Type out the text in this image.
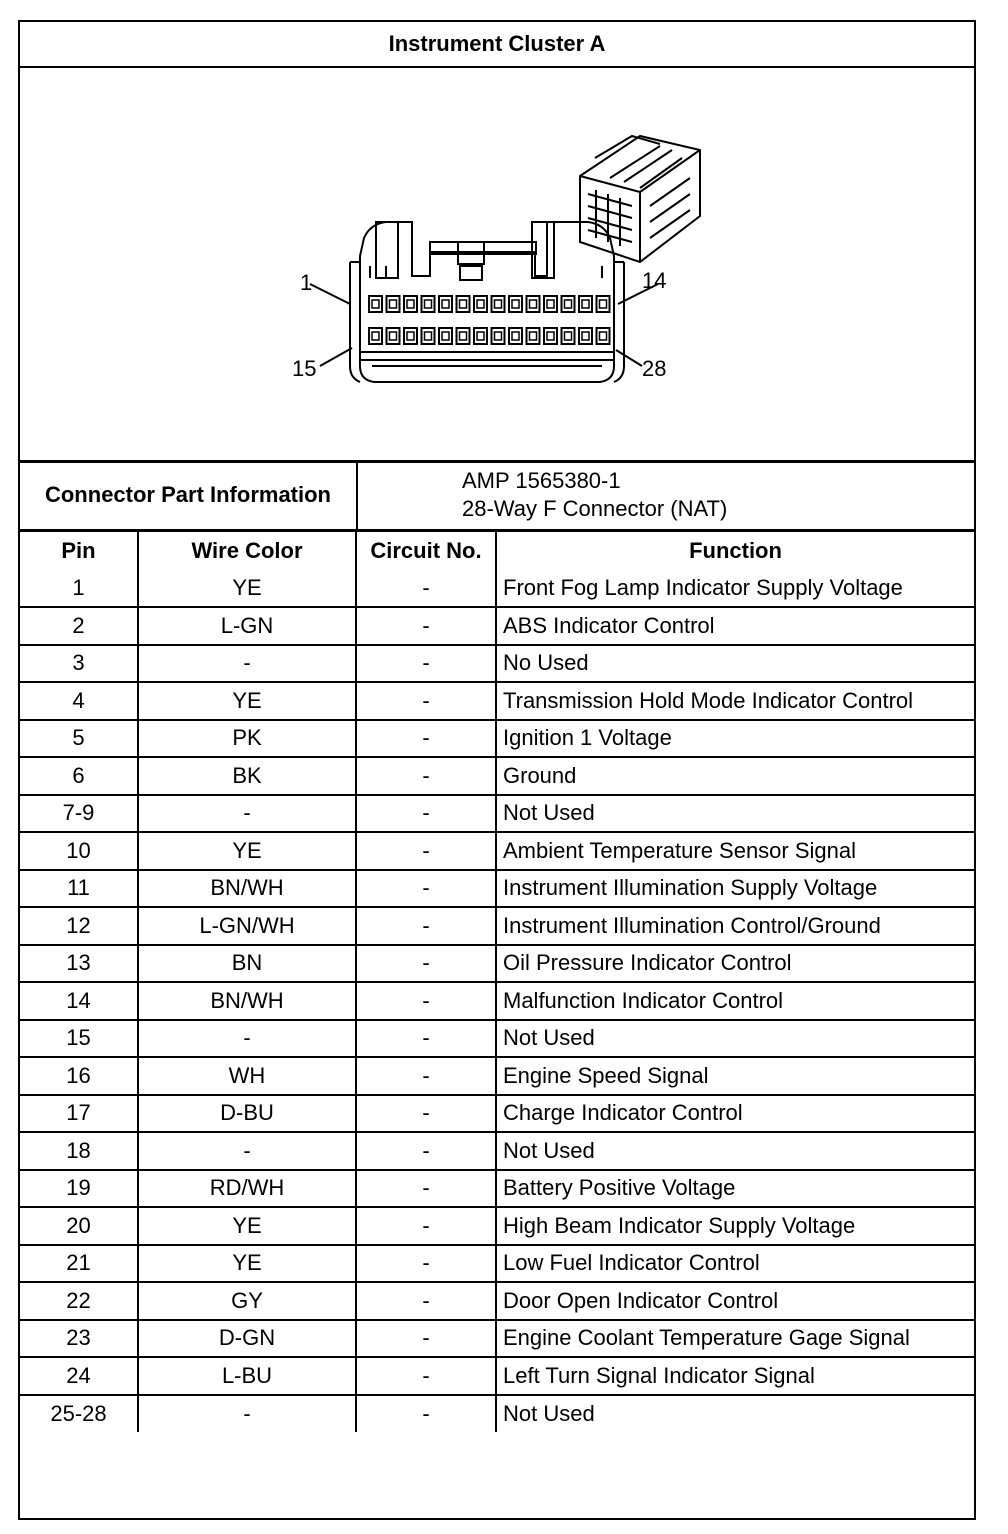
Instrument Cluster A
1	14
15	28
Connector Part Information
AMP 1565380-1
28-Way F Connector (NAT)
Pin	Wire Color	Circuit No.	Function
1	YE	-	Front Fog Lamp Indicator Supply Voltage
2	L-GN	-	ABS Indicator Control
3	-	-	No Used
4	YE	-	Transmission Hold Mode Indicator Control
5	PK	-	Ignition 1 Voltage
6	BK	-	Ground
7-9	-	-	Not Used
10	YE	-	Ambient Temperature Sensor Signal
11	BN/WH	-	Instrument Illumination Supply Voltage
12	L-GN/WH	-	Instrument Illumination Control/Ground
13	BN	-	Oil Pressure Indicator Control
14	BN/WH	-	Malfunction Indicator Control
15	-	-	Not Used
16	WH	-	Engine Speed Signal
17	D-BU	-	Charge Indicator Control
18	-	-	Not Used
19	RD/WH	-	Battery Positive Voltage
20	YE	-	High Beam Indicator Supply Voltage
21	YE	-	Low Fuel Indicator Control
22	GY	-	Door Open Indicator Control
23	D-GN	-	Engine Coolant Temperature Gage Signal
24	L-BU	-	Left Turn Signal Indicator Signal
25-28	-	-	Not Used
